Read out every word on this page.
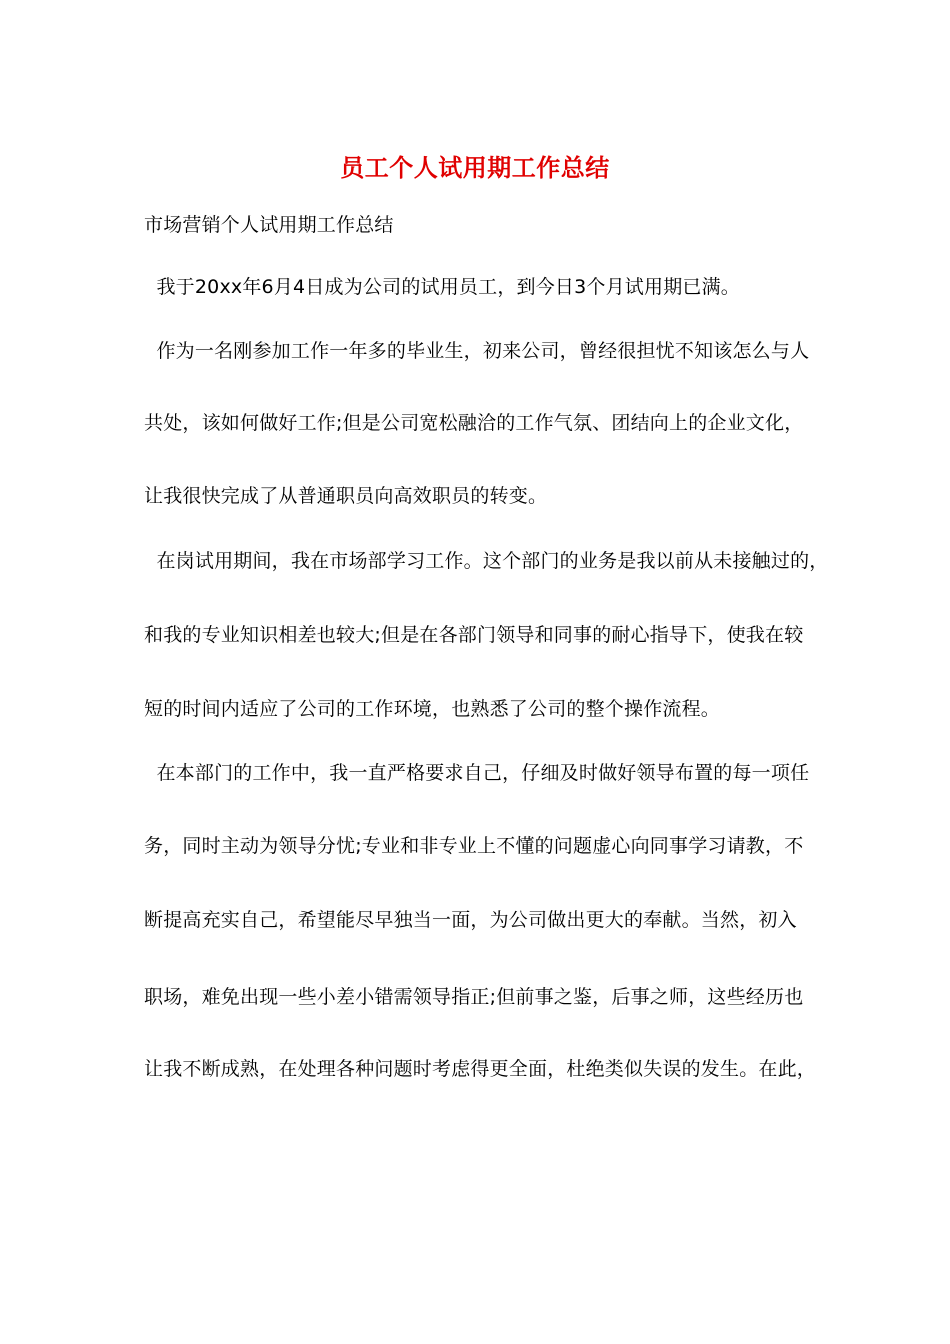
员工个人试用期工作总结
市场营销个人试用期工作总结
我于20xx年6月4日成为公司的试用员工，到今日3个月试用期已满。
作为一名刚参加工作一年多的毕业生，初来公司，曾经很担忧不知该怎么与人
共处，该如何做好工作;但是公司宽松融洽的工作气氛、团结向上的企业文化，
让我很快完成了从普通职员向高效职员的转变。
在岗试用期间，我在市场部学习工作。这个部门的业务是我以前从未接触过的，
和我的专业知识相差也较大;但是在各部门领导和同事的耐心指导下，使我在较
短的时间内适应了公司的工作环境，也熟悉了公司的整个操作流程。
在本部门的工作中，我一直严格要求自己，仔细及时做好领导布置的每一项任
务，同时主动为领导分忧;专业和非专业上不懂的问题虚心向同事学习请教，不
断提高充实自己，希望能尽早独当一面，为公司做出更大的奉献。当然，初入
职场，难免出现一些小差小错需领导指正;但前事之鉴，后事之师，这些经历也
让我不断成熟，在处理各种问题时考虑得更全面，杜绝类似失误的发生。在此，
